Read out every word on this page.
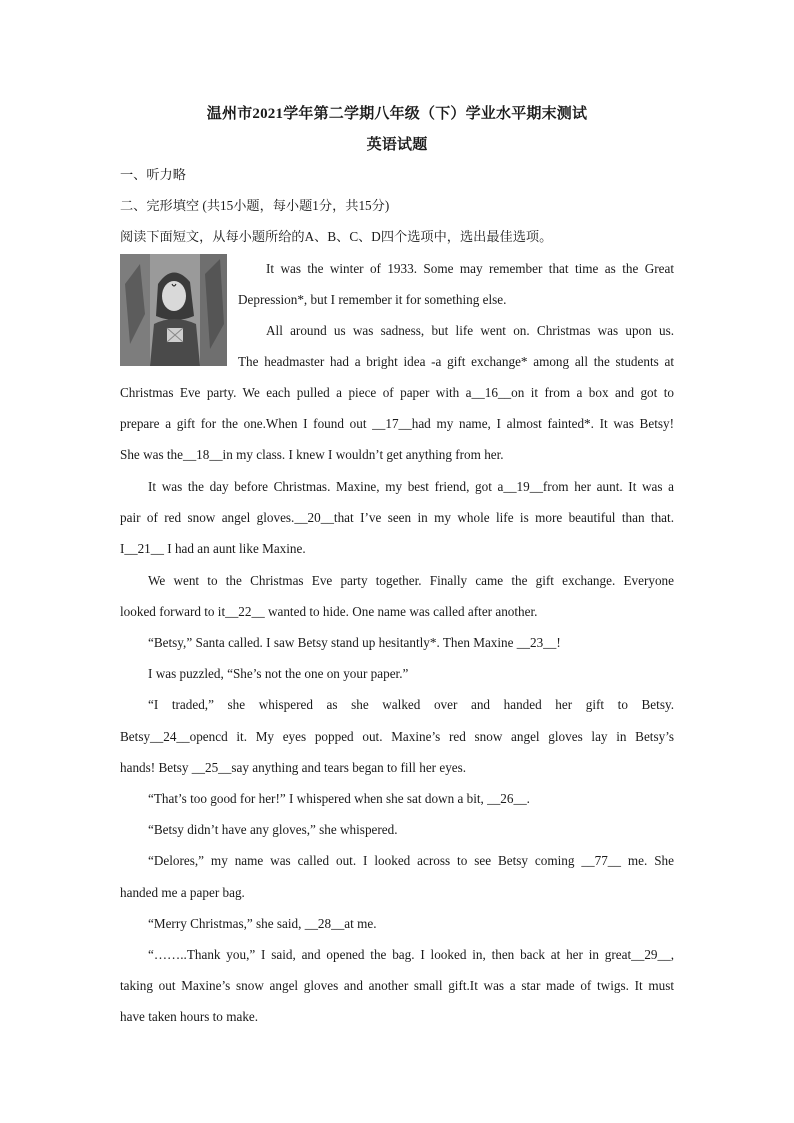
温州市2021学年第二学期八年级（下）学业水平期末测试
英语试题
一、听力略
二、完形填空 (共15小题，每小题1分，共15分)
阅读下面短文，从每小题所给的A、B、C、D四个选项中，选出最佳选项。
It was the winter of 1933. Some may remember that time as the Great
Depression*, but I remember it for something else.
All around us was sadness, but life went on. Christmas was upon us.
The headmaster had a bright idea -a gift exchange* among all the students at
Christmas Eve party. We each pulled a piece of paper with a__16__on it from a box and got to
prepare a gift for the one.When I found out __17__had my name, I almost fainted*. It was Betsy!
She was the__18__in my class. I knew I wouldn’t get anything from her.
It was the day before Christmas. Maxine, my best friend, got a__19__from her aunt. It was a
pair of red snow angel gloves.__20__that I’ve seen in my whole life is more beautiful than that.
I__21__ I had an aunt like Maxine.
We went to the Christmas Eve party together. Finally came the gift exchange. Everyone
looked forward to it__22__ wanted to hide. One name was called after another.
“Betsy,” Santa called. I saw Betsy stand up hesitantly*. Then Maxine __23__!
I was puzzled, “She’s not the one on your paper.”
“I traded,” she whispered as she walked over and handed her gift to Betsy.
Betsy__24__opencd it. My eyes popped out. Maxine’s red snow angel gloves lay in Betsy’s
hands! Betsy __25__say anything and tears began to fill her eyes.
“That’s too good for her!” I whispered when she sat down a bit, __26__.
“Betsy didn’t have any gloves,” she whispered.
“Delores,” my name was called out. I looked across to see Betsy coming __77__ me. She
handed me a paper bag.
“Merry Christmas,” she said, __28__at me.
“……..Thank you,” I said, and opened the bag. I looked in, then back at her in great__29__,
taking out Maxine’s snow angel gloves and another small gift.It was a star made of twigs. It must
have taken hours to make.
